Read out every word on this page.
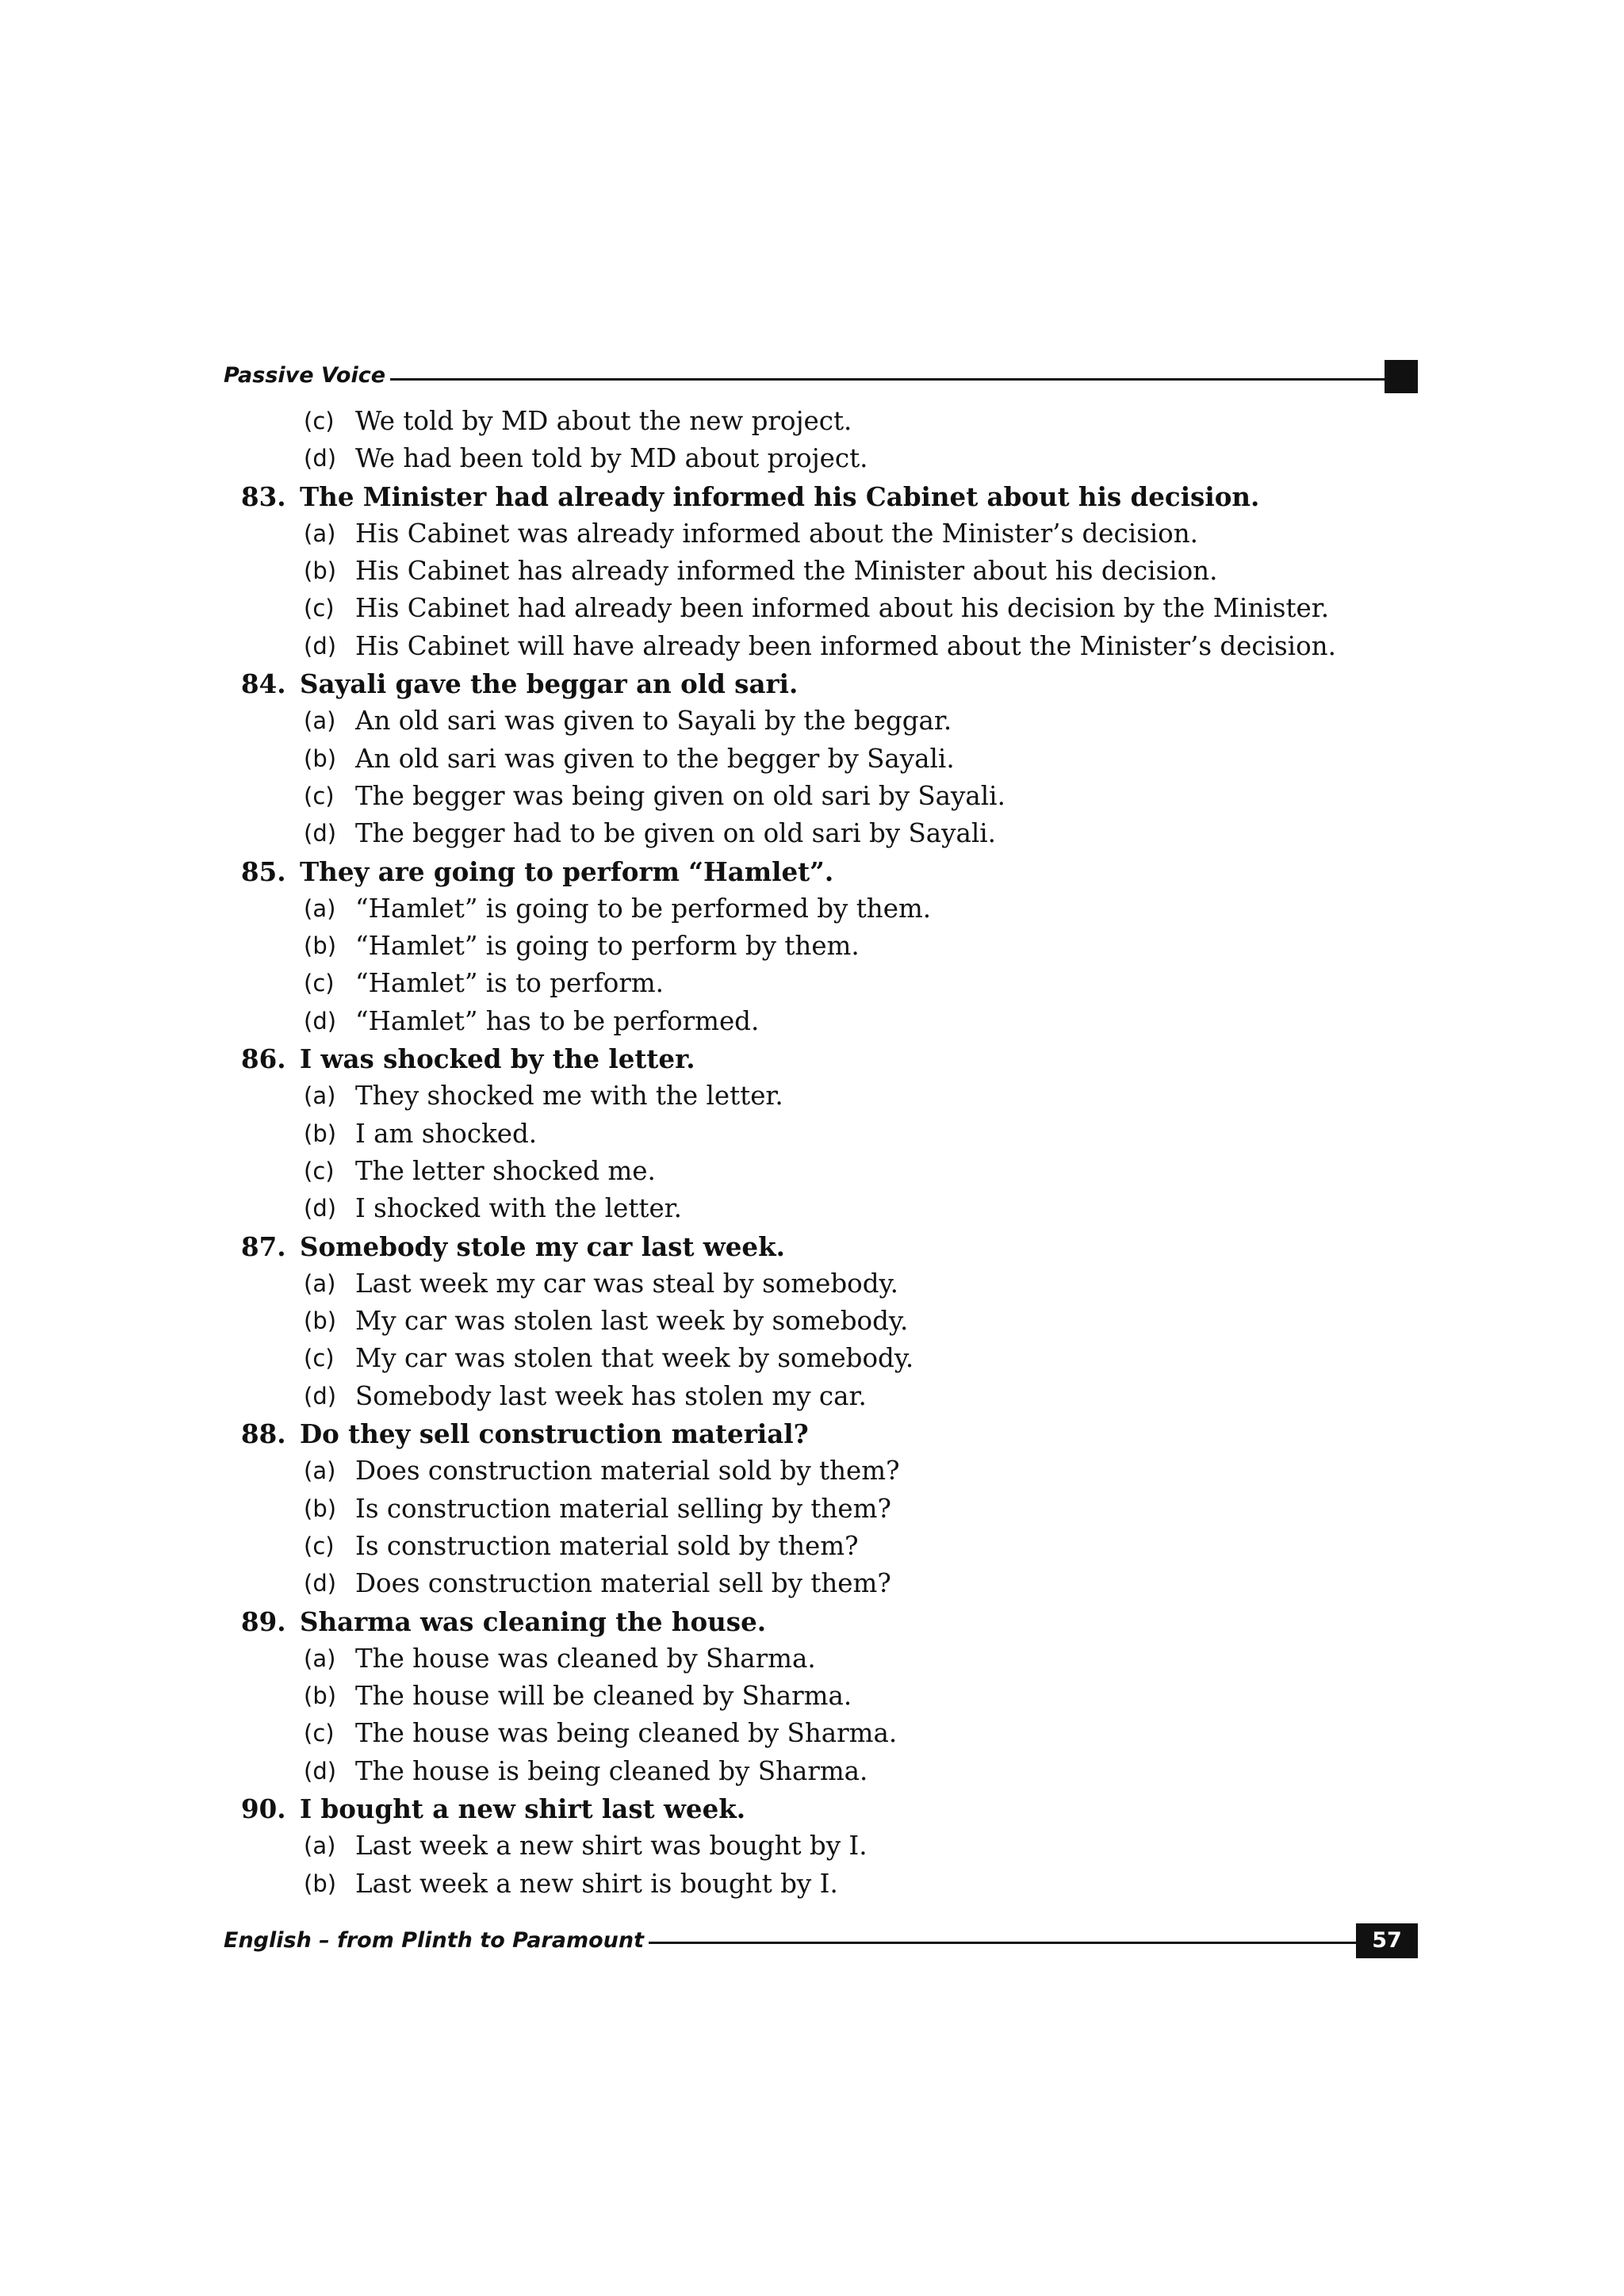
Passive Voice
(c) We told by MD about the new project.
(d) We had been told by MD about project.
83. The Minister had already informed his Cabinet about his decision.
(a) His Cabinet was already informed about the Minister’s decision.
(b) His Cabinet has already informed the Minister about his decision.
(c) His Cabinet had already been informed about his decision by the Minister.
(d) His Cabinet will have already been informed about the Minister’s decision.
84. Sayali gave the beggar an old sari.
(a) An old sari was given to Sayali by the beggar.
(b) An old sari was given to the begger by Sayali.
(c) The begger was being given on old sari by Sayali.
(d) The begger had to be given on old sari by Sayali.
85. They are going to perform “Hamlet”.
(a) “Hamlet” is going to be performed by them.
(b) “Hamlet” is going to perform by them.
(c) “Hamlet” is to perform.
(d) “Hamlet” has to be performed.
86. I was shocked by the letter.
(a) They shocked me with the letter.
(b) I am shocked.
(c) The letter shocked me.
(d) I shocked with the letter.
87. Somebody stole my car last week.
(a) Last week my car was steal by somebody.
(b) My car was stolen last week by somebody.
(c) My car was stolen that week by somebody.
(d) Somebody last week has stolen my car.
88. Do they sell construction material?
(a) Does construction material sold by them?
(b) Is construction material selling by them?
(c) Is construction material sold by them?
(d) Does construction material sell by them?
89. Sharma was cleaning the house.
(a) The house was cleaned by Sharma.
(b) The house will be cleaned by Sharma.
(c) The house was being cleaned by Sharma.
(d) The house is being cleaned by Sharma.
90. I bought a new shirt last week.
(a) Last week a new shirt was bought by I.
(b) Last week a new shirt is bought by I.
English – from Plinth to Paramount	57
